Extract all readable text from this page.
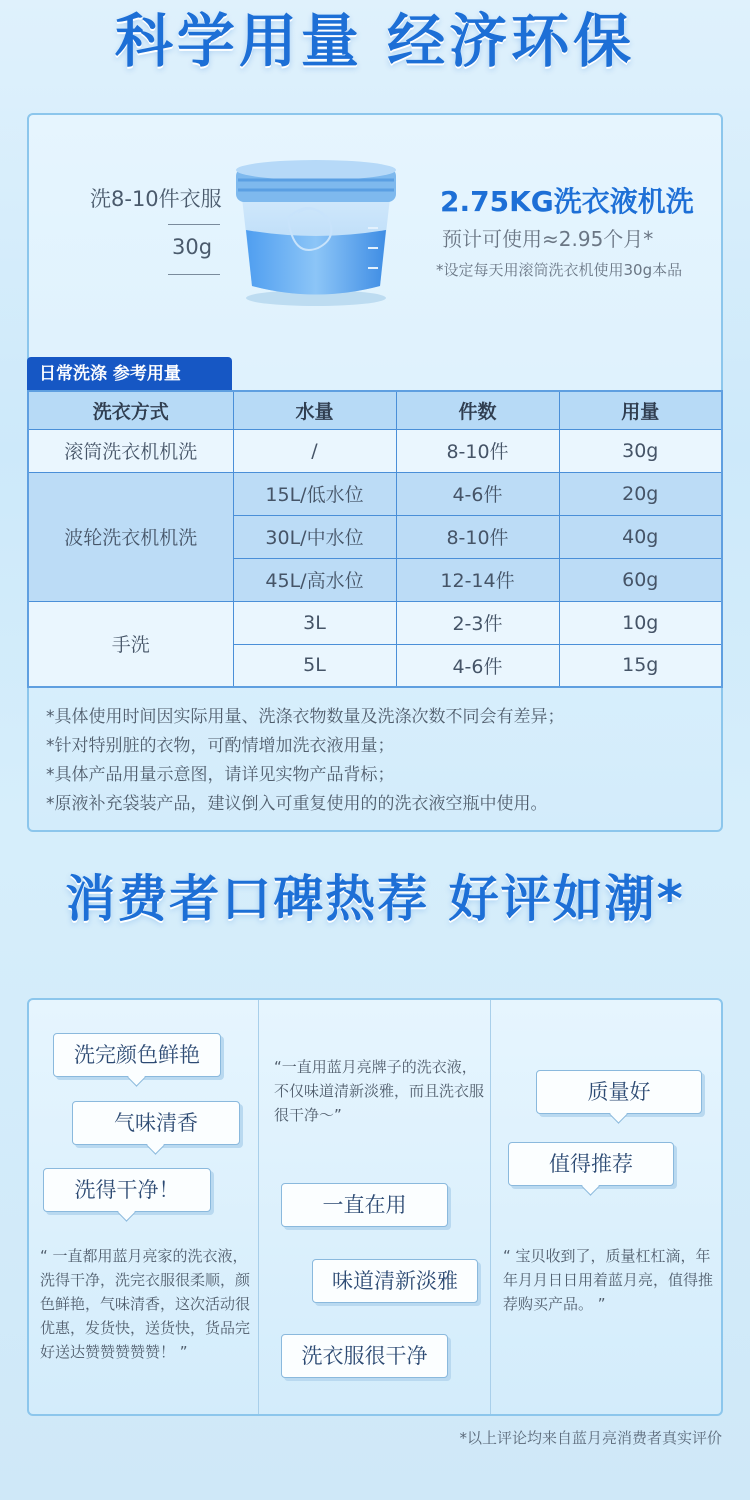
科学用量 经济环保
洗8-10件衣服
30g
2.75KG洗衣液机洗
预计可使用≈2.95个月*
*设定每天用滚筒洗衣机使用30g本品
日常洗涤 参考用量
洗衣方式	水量	件数	用量
滚筒洗衣机机洗	/	8-10件	30g
波轮洗衣机机洗	15L/低水位	4-6件	20g
	30L/中水位	8-10件	40g
	45L/高水位	12-14件	60g
手洗	3L	2-3件	10g
	5L	4-6件	15g
*具体使用时间因实际用量、洗涤衣物数量及洗涤次数不同会有差异；
*针对特别脏的衣物，可酌情增加洗衣液用量；
*具体产品用量示意图，请详见实物产品背标；
*原液补充袋装产品，建议倒入可重复使用的的洗衣液空瓶中使用。
消费者口碑热荐 好评如潮*
洗完颜色鲜艳
气味清香
洗得干净！
“ 一直都用蓝月亮家的洗衣液，洗得干净，洗完衣服很柔顺，颜色鲜艳，气味清香，这次活动很优惠，发货快，送货快，货品完好送达赞赞赞赞赞！ ”
“一直用蓝月亮牌子的洗衣液，不仅味道清新淡雅，而且洗衣服很干净～”
一直在用
味道清新淡雅
洗衣服很干净
质量好
值得推荐
“ 宝贝收到了，质量杠杠滴，年年月月日日用着蓝月亮，值得推荐购买产品。 ”
*以上评论均来自蓝月亮消费者真实评价
